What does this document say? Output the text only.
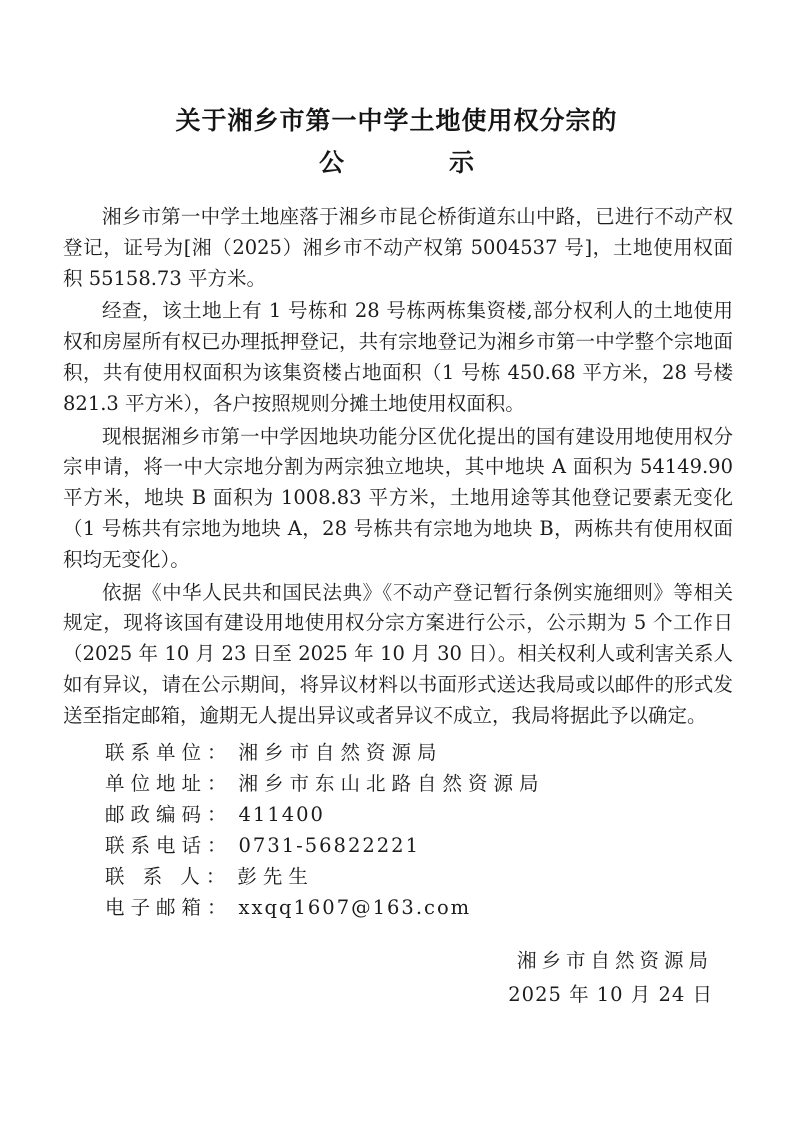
关于湘乡市第一中学土地使用权分宗的
公	示

湘乡市第一中学土地座落于湘乡市昆仑桥街道东山中路，已进行不动产权登记，证号为[湘（2025）湘乡市不动产权第 5004537 号]，土地使用权面积 55158.73 平方米。

经查，该土地上有 1 号栋和 28 号栋两栋集资楼,部分权利人的土地使用权和房屋所有权已办理抵押登记，共有宗地登记为湘乡市第一中学整个宗地面积，共有使用权面积为该集资楼占地面积（1 号栋 450.68 平方米，28 号楼 821.3 平方米），各户按照规则分摊土地使用权面积。

现根据湘乡市第一中学因地块功能分区优化提出的国有建设用地使用权分宗申请，将一中大宗地分割为两宗独立地块，其中地块 A 面积为 54149.90 平方米，地块 B 面积为 1008.83 平方米，土地用途等其他登记要素无变化（1 号栋共有宗地为地块 A，28 号栋共有宗地为地块 B，两栋共有使用权面积均无变化）。

依据《中华人民共和国民法典》《不动产登记暂行条例实施细则》等相关规定，现将该国有建设用地使用权分宗方案进行公示，公示期为 5 个工作日（2025 年 10 月 23 日至 2025 年 10 月 30 日）。相关权利人或利害关系人如有异议，请在公示期间，将异议材料以书面形式送达我局或以邮件的形式发送至指定邮箱，逾期无人提出异议或者异议不成立，我局将据此予以确定。

联系单位： 湘乡市自然资源局
单位地址： 湘乡市东山北路自然资源局
邮政编码： 411400
联系电话： 0731-56822221
联 系 人： 彭先生
电子邮箱： xxqq1607@163.com
湘乡市自然资源局
2025 年 10 月 24 日
